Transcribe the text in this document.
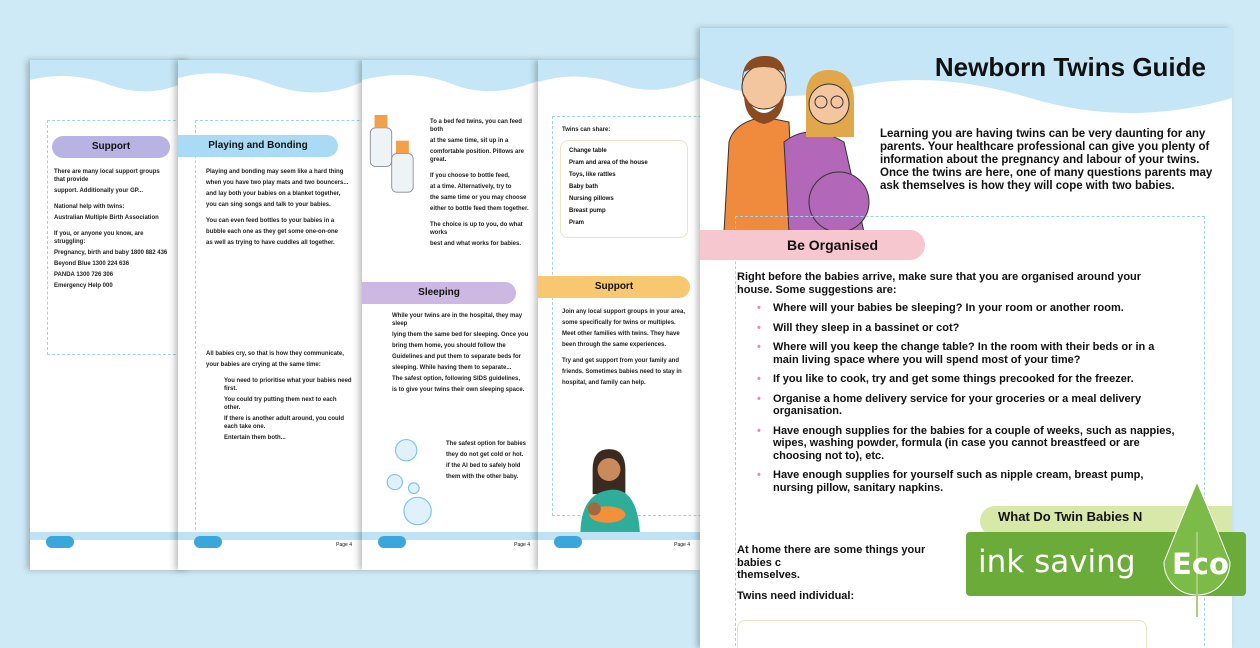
Support
There are many local support groups that provide
support. Additionally your GP...
National help with twins:
Australian Multiple Birth Association
If you, or anyone you know, are struggling:
Pregnancy, birth and baby 1800 882 436
Beyond Blue 1300 224 636
PANDA 1300 726 306
Emergency Help 000
Playing and Bonding
Playing and bonding may seem like a hard thing
when you have two play mats and two bouncers...
and lay both your babies on a blanket together,
you can sing songs and talk to your babies.
You can even feed bottles to your babies in a
bubble each one as they get some one-on-one
as well as trying to have cuddles all together.
All babies cry, so that is how they communicate,
your babies are crying at the same time:
You need to prioritise what your babies need first.
You could try putting them next to each other.
If there is another adult around, you could each take one.
Entertain them both...
Page 4
To a bed fed twins, you can feed both
at the same time, sit up in a
comfortable position. Pillows are great.
If you choose to bottle feed,
at a time. Alternatively, try to
the same time or you may choose
either to bottle feed them together.
The choice is up to you, do what works
best and what works for babies.
Sleeping
While your twins are in the hospital, they may sleep
lying them the same bed for sleeping. Once you
bring them home, you should follow the
Guidelines and put them to separate beds for
sleeping. While having them to separate...
The safest option, following SIDS guidelines,
is to give your twins their own sleeping space.
The safest option for babies
they do not get cold or hot.
if the AI bed to safely hold
them with the other baby.
Page 4
Twins can share:
Change table
Pram and area of the house
Toys, like rattles
Baby bath
Nursing pillows
Breast pump
Pram
Support
Join any local support groups in your area,
some specifically for twins or multiples.
Meet other families with twins. They have
been through the same experiences.
Try and get support from your family and
friends. Sometimes babies need to stay in
hospital, and family can help.
Page 4
Newborn Twins Guide

Learning you are having twins can be very daunting for any parents. Your healthcare professional can give you plenty of information about the pregnancy and labour of your twins. Once the twins are here, one of many questions parents may ask themselves is how they will cope with two babies.

Be Organised

Right before the babies arrive, make sure that you are organised around your house. Some suggestions are:

• Where will your babies be sleeping? In your room or another room.
• Will they sleep in a bassinet or cot?
• Where will you keep the change table? In the room with their beds or in a main living space where you will spend most of your time?
• If you like to cook, try and get some things precooked for the freezer.
• Organise a home delivery service for your groceries or a meal delivery organisation.
• Have enough supplies for the babies for a couple of weeks, such as nappies, wipes, washing powder, formula (in case you cannot breastfeed or are choosing not to), etc.
• Have enough supplies for yourself such as nipple cream, breast pump, nursing pillow, sanitary napkins.
What Do Twin Babies N

At home there are some things your babies c

themselves.

Twins need individual:

ink saving Eco
